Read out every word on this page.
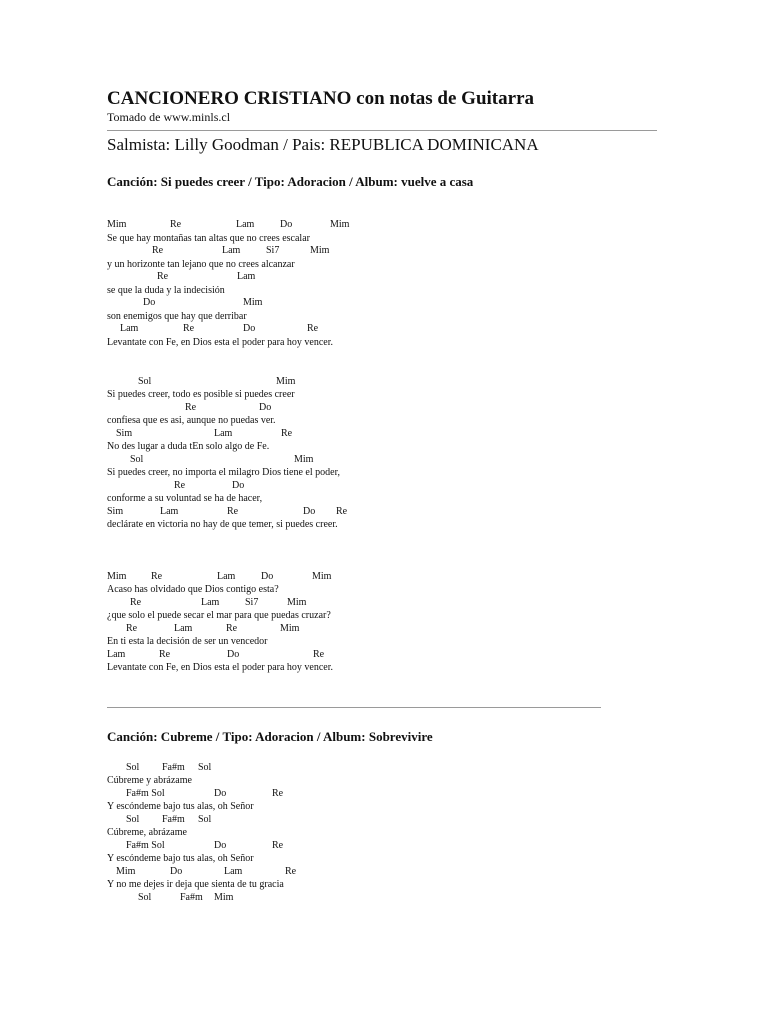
CANCIONERO CRISTIANO con notas de Guitarra
Tomado de www.minls.cl
Salmista: Lilly Goodman / Pais: REPUBLICA DOMINICANA
Canción: Si puedes creer / Tipo: Adoracion / Album: vuelve a casa

Mim

	Re

	Lam

	Do

	Mim

Se que hay montañas tan altas que no crees escalar

Re

	Lam

	Si7

	Mim

y un horizonte tan lejano que no crees alcanzar

Re

	Lam

se que la duda y la indecisión

Do

	Mim

son enemigos que hay que derribar

Lam

	Re

	Do

	Re

Levantate con Fe, en Dios esta el poder para hoy vencer.

Sol

	Mim

Si puedes creer, todo es posible si puedes creer

Re

	Do

confiesa que es asi, aunque no puedas ver.

Sim

	Lam

	Re

No des lugar a duda tEn solo algo de Fe.

Sol

	Mim

Si puedes creer, no importa el milagro Dios tiene el poder,

Re

	Do

conforme a su voluntad se ha de hacer,

Sim

	Lam

	Re

	Do

Re

declárate en victoria no hay de que temer, si puedes creer.

Mim

Re

	Lam

	Do

	Mim

Acaso has olvidado que Dios contigo esta?

Re

	Lam

	Si7

	Mim

¿que solo el puede secar el mar para que puedas cruzar?

Re

	Lam

	Re

	Mim

En ti esta la decisión de ser un vencedor

Lam

	Re

	Do

	Re

Levantate con Fe, en Dios esta el poder para hoy vencer.
Canción: Cubreme / Tipo: Adoracion / Album: Sobrevivire

Sol

Fa#m

Sol

Cúbreme y abrázame

Fa#m Sol

	Do

	Re

Y escóndeme bajo tus alas, oh Señor

Sol

Fa#m

Sol

Cúbreme, abrázame

Fa#m Sol

	Do

	Re

Y escóndeme bajo tus alas, oh Señor

Mim

	Do

	Lam

	Re

Y no me dejes ir deja que sienta de tu gracia

Sol

	Fa#m

Mim
